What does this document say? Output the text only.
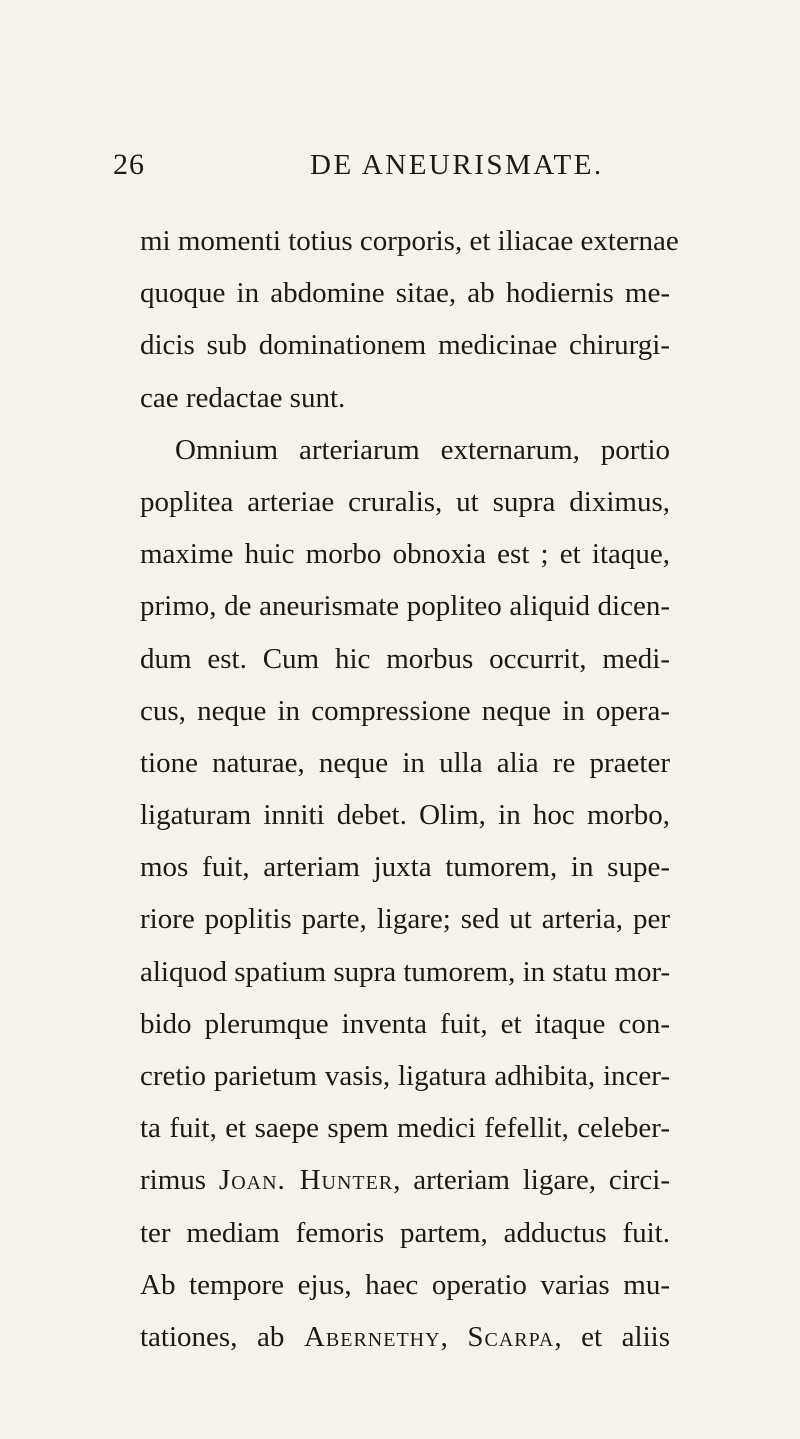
26	DE ANEURISMATE.
mi momenti totius corporis, et iliacae externae
quoque in abdomine sitae, ab hodiernis me-
dicis sub dominationem medicinae chirurgi-
cae redactae sunt.
Omnium arteriarum externarum, portio
poplitea arteriae cruralis, ut supra diximus,
maxime huic morbo obnoxia est ; et itaque,
primo, de aneurismate popliteo aliquid dicen-
dum est. Cum hic morbus occurrit, medi-
cus, neque in compressione neque in opera-
tione naturae, neque in ulla alia re praeter
ligaturam inniti debet. Olim, in hoc morbo,
mos fuit, arteriam juxta tumorem, in supe-
riore poplitis parte, ligare; sed ut arteria, per
aliquod spatium supra tumorem, in statu mor-
bido plerumque inventa fuit, et itaque con-
cretio parietum vasis, ligatura adhibita, incer-
ta fuit, et saepe spem medici fefellit, celeber-
rimus Joan. Hunter, arteriam ligare, circi-
ter mediam femoris partem, adductus fuit.
Ab tempore ejus, haec operatio varias mu-
tationes, ab Abernethy, Scarpa, et aliis
